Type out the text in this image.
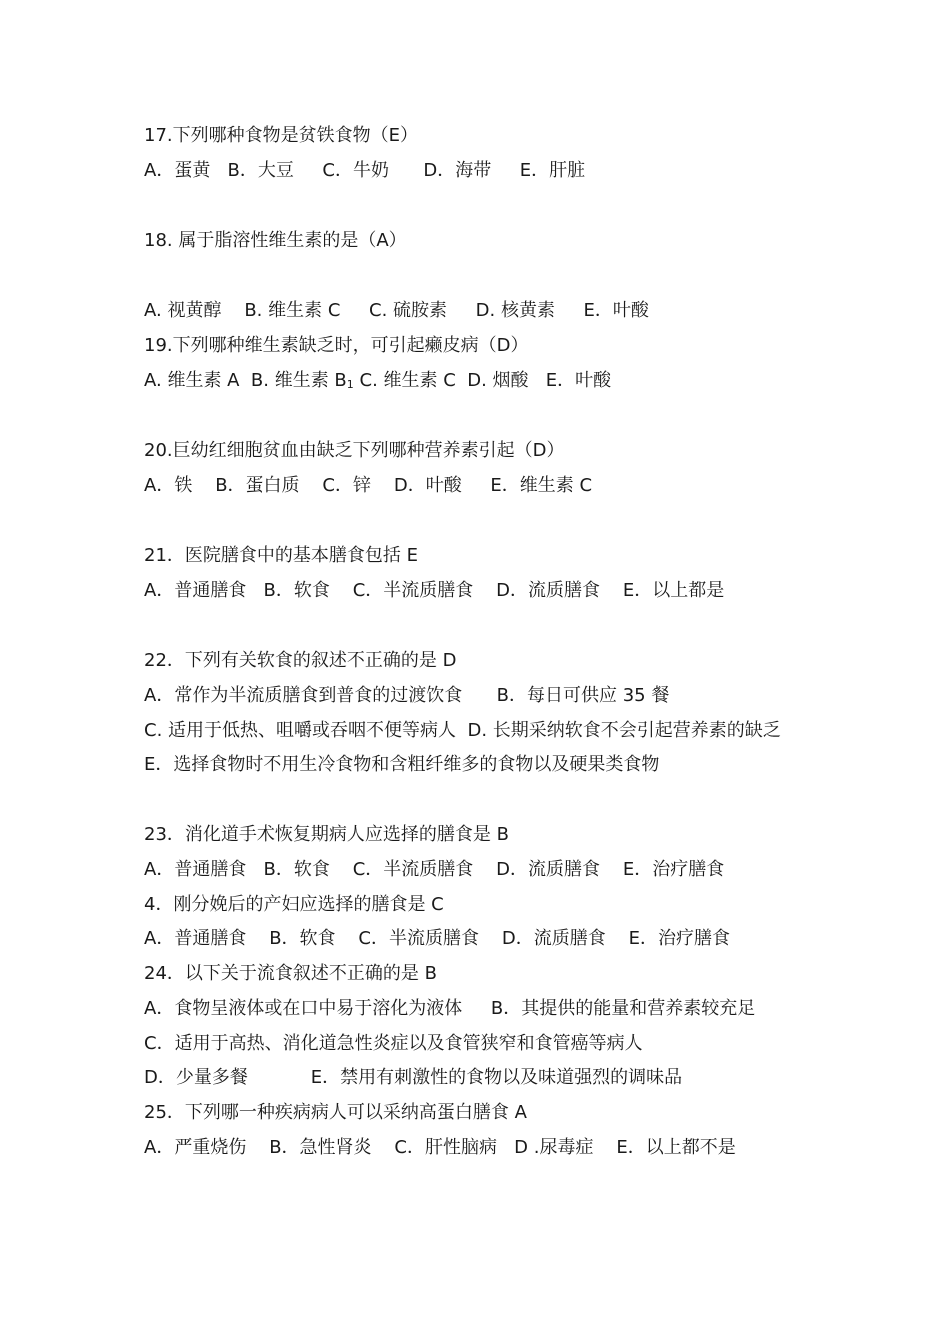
17.下列哪种食物是贫铁食物（E）
A．蛋黄   B．大豆     C．牛奶      D．海带     E．肝脏
18. 属于脂溶性维生素的是（A）
A. 视黄醇    B. 维生素 C     C. 硫胺素     D. 核黄素     E．叶酸
19.下列哪种维生素缺乏时，可引起癞皮病（D）
A. 维生素 A  B. 维生素 B1 C. 维生素 C  D. 烟酸   E．叶酸
20.巨幼红细胞贫血由缺乏下列哪种营养素引起（D）
A．铁    B．蛋白质    C．锌    D．叶酸     E．维生素 C
21．医院膳食中的基本膳食包括 E
A．普通膳食   B．软食    C．半流质膳食    D．流质膳食    E．以上都是
22．下列有关软食的叙述不正确的是 D
A．常作为半流质膳食到普食的过渡饮食      B．每日可供应 35 餐
C. 适用于低热、咀嚼或吞咽不便等病人  D. 长期采纳软食不会引起营养素的缺乏
E．选择食物时不用生冷食物和含粗纤维多的食物以及硬果类食物
23．消化道手术恢复期病人应选择的膳食是 B
A．普通膳食   B．软食    C．半流质膳食    D．流质膳食    E．治疗膳食
4．刚分娩后的产妇应选择的膳食是 C
A．普通膳食    B．软食    C．半流质膳食    D．流质膳食    E．治疗膳食
24．以下关于流食叙述不正确的是 B
A．食物呈液体或在口中易于溶化为液体     B．其提供的能量和营养素较充足
C．适用于高热、消化道急性炎症以及食管狭窄和食管癌等病人
D．少量多餐           E．禁用有刺激性的食物以及味道强烈的调味品
25．下列哪一种疾病病人可以采纳高蛋白膳食 A
A．严重烧伤    B．急性肾炎    C．肝性脑病   D .尿毒症    E．以上都不是
